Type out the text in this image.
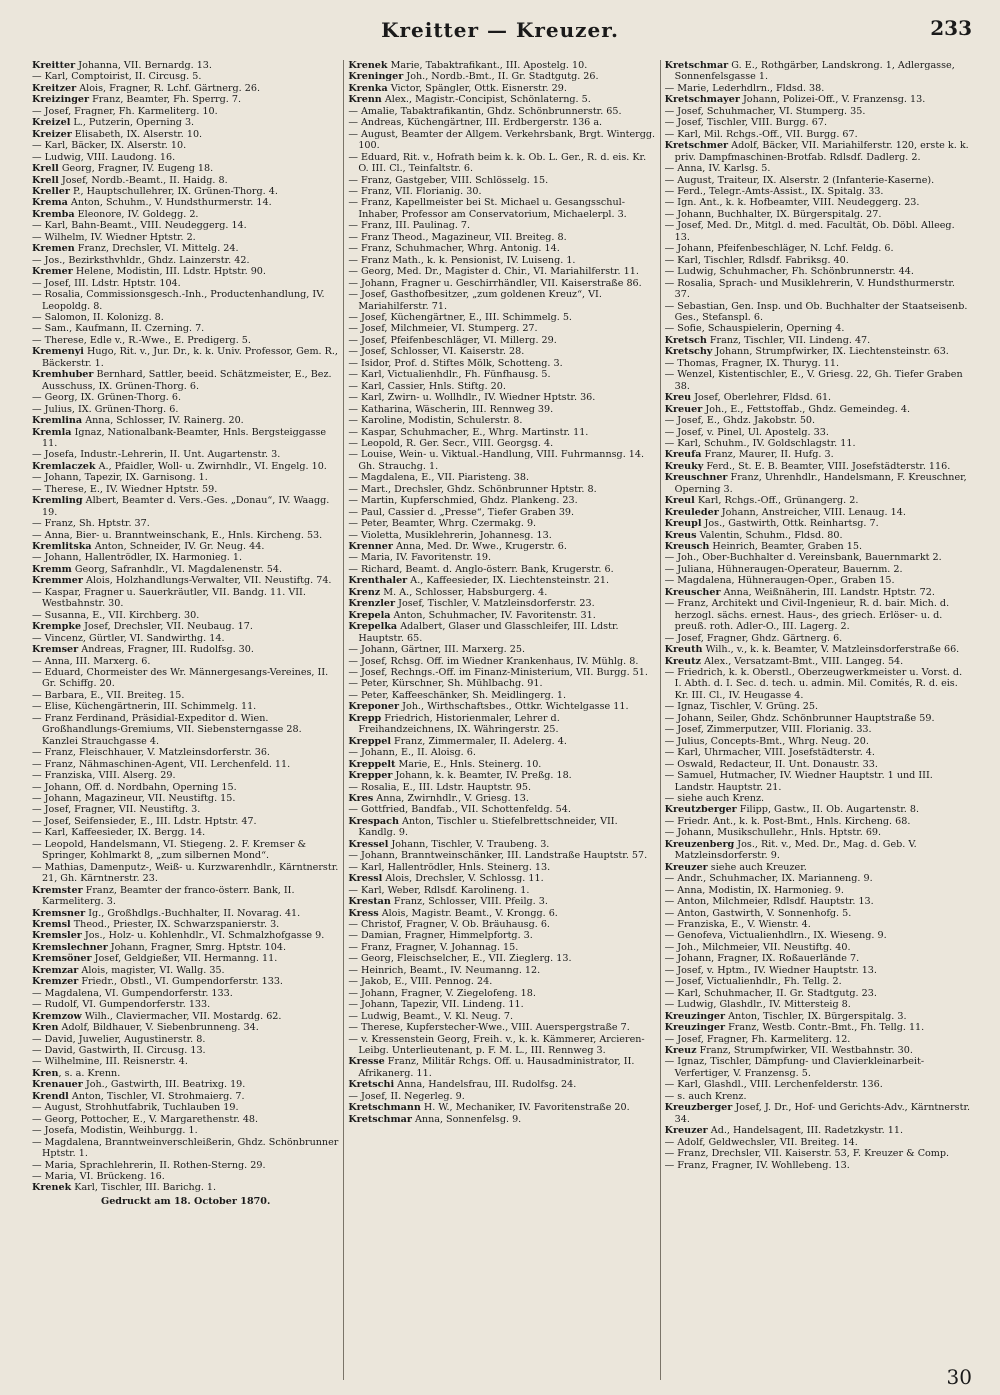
Kreitter — Kreuzer.	233
Kreitter Johanna, VII. Bernardg. 13.
— Karl, Comptoirist, II. Circusg. 5.
Kreitzer Alois, Fragner, R. Lchf. Gärtnerg. 26.
Kreizinger Franz, Beamter, Fh. Sperrg. 7.
— Josef, Fragner, Fh. Karmeliterg. 10.
Kreizel L., Putzerin, Operning 3.
Kreizer Elisabeth, IX. Alserstr. 10.
— Karl, Bäcker, IX. Alserstr. 10.
— Ludwig, VIII. Laudong. 16.
Krell Georg, Fragner, IV. Eugeng 18.
Krell Josef, Nordb.-Beamt., II. Haidg. 8.
Kreller P., Hauptschullehrer, IX. Grünen-Thorg. 4.
Krema Anton, Schuhm., V. Hundsthurmerstr. 14.
Kremba Eleonore, IV. Goldegg. 2.
— Karl, Bahn-Beamt., VIII. Neudeggerg. 14.
— Wilhelm, IV. Wiedner Hptstr. 2.
Kremen Franz, Drechsler, VI. Mittelg. 24.
— Jos., Bezirksthvhldr., Ghdz. Lainzerstr. 42.
Kremer Helene, Modistin, III. Ldstr. Hptstr. 90.
— Josef, III. Ldstr. Hptstr. 104.
— Rosalia, Commissionsgesch.-Inh., Productenhandlung, IV. Leopoldg. 8.
— Salomon, II. Kolonizg. 8.
— Sam., Kaufmann, II. Czerning. 7.
— Therese, Edle v., R.-Wwe., E. Predigerg. 5.
Kremenyi Hugo, Rit. v., Jur. Dr., k. k. Univ. Professor, Gem. R., Bäckerstr. 1.
Kremhuber Bernhard, Sattler, beeid. Schätzmeister, E., Bez. Ausschuss, IX. Grünen-Thorg. 6.
— Georg, IX. Grünen-Thorg. 6.
— Julius, IX. Grünen-Thorg. 6.
Kremlina Anna, Schlosser, IV. Rainerg. 20.
Kremla Ignaz, Nationalbank-Beamter, Hnls. Bergsteiggasse 11.
— Josefa, Industr.-Lehrerin, II. Unt. Augartenstr. 3.
Kremlaczek A., Pfaidler, Woll- u. Zwirnhdlr., VI. Engelg. 10.
— Johann, Tapezir, IX. Garnisong. 1.
— Therese, E., IV. Wiedner Hptstr. 59.
Kremling Albert, Beamter d. Vers.-Ges. „Donau“, IV. Waagg. 19.
— Franz, Sh. Hptstr. 37.
— Anna, Bier- u. Branntweinschank, E., Hnls. Kircheng. 53.
Kremlitska Anton, Schneider, IV. Gr. Neug. 44.
— Johann, Hallentrödler, IX. Harmonieg. 1.
Kremm Georg, Safranhdlr., VI. Magdalenenstr. 54.
Kremmer Alois, Holzhandlungs-Verwalter, VII. Neustiftg. 74.
— Kaspar, Fragner u. Sauerkräutler, VII. Bandg. 11. VII. Westbahnstr. 30.
— Susanna, E., VII. Kirchberg. 30.
Krempke Josef, Drechsler, VII. Neubaug. 17.
— Vincenz, Gürtler, VI. Sandwirthg. 14.
Kremser Andreas, Fragner, III. Rudolfsg. 30.
— Anna, III. Marxerg. 6.
— Eduard, Chormeister des Wr. Männergesangs-Vereines, II. Gr. Schiffg. 20.
— Barbara, E., VII. Breiteg. 15.
— Elise, Küchengärtnerin, III. Schimmelg. 11.
— Franz Ferdinand, Präsidial-Expeditor d. Wien. Großhandlungs-Gremiums, VII. Siebensterngasse 28. Kanzlei Strauchgasse 4.
— Franz, Fleischhauer, V. Matzleinsdorferstr. 36.
— Franz, Nähmaschinen-Agent, VII. Lerchenfeld. 11.
— Franziska, VIII. Alserg. 29.
— Johann, Off. d. Nordbahn, Operning 15.
— Johann, Magazineur, VII. Neustiftg. 15.
— Josef, Fragner, VII. Neustiftg. 3.
— Josef, Seifensieder, E., III. Ldstr. Hptstr. 47.
— Karl, Kaffeesieder, IX. Bergg. 14.
— Leopold, Handelsmann, VI. Stiegeng. 2. F. Kremser & Springer, Kohlmarkt 8, „zum silbernen Mond“.
— Mathias, Damenputz-, Weiß- u. Kurzwarenhdlr., Kärntnerstr. 21, Gh. Kärntnerstr. 23.
Kremster Franz, Beamter der franco-österr. Bank, II. Karmeliterg. 3.
Kremsner Ig., Großhdlgs.-Buchhalter, II. Novarag. 41.
Kremsl Theod., Priester, IX. Schwarzspanierstr. 3.
Kremsler Jos., Holz- u. Kohlenhdlr., VI. Schmalzhofgasse 9.
Kremslechner Johann, Fragner, Smrg. Hptstr. 104.
Kremsöner Josef, Geldgießer, VII. Hermanng. 11.
Kremzar Alois, magister, VI. Wallg. 35.
Kremzer Friedr., Obstl., VI. Gumpendorferstr. 133.
— Magdalena, VI. Gumpendorferstr. 133.
— Rudolf, VI. Gumpendorferstr. 133.
Kremzow Wilh., Claviermacher, VII. Mostardg. 62.
Kren Adolf, Bildhauer, V. Siebenbrunneng. 34.
— David, Juwelier, Augustinerstr. 8.
— David, Gastwirth, II. Circusg. 13.
— Wilhelmine, III. Reisnerstr. 4.
Kren, s. a. Krenn.
Krenauer Joh., Gastwirth, III. Beatrixg. 19.
Krendl Anton, Tischler, VI. Strohmaierg. 7.
— August, Strohhutfabrik, Tuchlauben 19.
— Georg, Pottocher, E., V. Margarethenstr. 48.
— Josefa, Modistin, Weihburgg. 1.
— Magdalena, Branntweinverschleißerin, Ghdz. Schönbrunner Hptstr. 1.
— Maria, Sprachlehrerin, II. Rothen-Sterng. 29.
— Maria, VI. Brückeng. 16.
Krenek Karl, Tischler, III. Barichg. 1.
Gedruckt am 18. October 1870.
Krenek Marie, Tabaktrafikant., III. Apostelg. 10.
Kreninger Joh., Nordb.-Bmt., II. Gr. Stadtgutg. 26.
Krenka Victor, Spängler, Ottk. Eisnerstr. 29.
Krenn Alex., Magistr.-Concipist, Schönlaterng. 5.
— Amalie, Tabaktrafikantin, Ghdz. Schönbrunnerstr. 65.
— Andreas, Küchengärtner, III. Erdbergerstr. 136 a.
— August, Beamter der Allgem. Verkehrsbank, Brgt. Wintergg. 100.
— Eduard, Rit. v., Hofrath beim k. k. Ob. L. Ger., R. d. eis. Kr. O. III. Cl., Teinfaltstr. 6.
— Franz, Gastgeber, VIII. Schlösselg. 15.
— Franz, VII. Florianig. 30.
— Franz, Kapellmeister bei St. Michael u. Gesangsschul-Inhaber, Professor am Conservatorium, Michaelerpl. 3.
— Franz, III. Paulinag. 7.
— Franz Theod., Magazineur, VII. Breiteg. 8.
— Franz, Schuhmacher, Whrg. Antonig. 14.
— Franz Math., k. k. Pensionist, IV. Luiseng. 1.
— Georg, Med. Dr., Magister d. Chir., VI. Mariahilferstr. 11.
— Johann, Fragner u. Geschirrhändler, VII. Kaiserstraße 86.
— Josef, Gasthofbesitzer, „zum goldenen Kreuz“, VI. Mariahilferstr. 71.
— Josef, Küchengärtner, E., III. Schimmelg. 5.
— Josef, Milchmeier, VI. Stumperg. 27.
— Josef, Pfeifenbeschläger, VI. Millerg. 29.
— Josef, Schlosser, VI. Kaiserstr. 28.
— Isidor, Prof. d. Stiftes Mölk, Schotteng. 3.
— Karl, Victualienhdlr., Fh. Fünfhausg. 5.
— Karl, Cassier, Hnls. Stiftg. 20.
— Karl, Zwirn- u. Wollhdlr., IV. Wiedner Hptstr. 36.
— Katharina, Wäscherin, III. Rennweg 39.
— Karoline, Modistin, Schulerstr. 8.
— Kaspar, Schuhmacher, E., Whrg. Martinstr. 11.
— Leopold, R. Ger. Secr., VIII. Georgsg. 4.
— Louise, Wein- u. Viktual.-Handlung, VIII. Fuhrmannsg. 14. Gh. Strauchg. 1.
— Magdalena, E., VII. Piaristeng. 38.
— Mart., Drechsler, Ghdz. Schönbrunner Hptstr. 8.
— Martin, Kupferschmied, Ghdz. Plankeng. 23.
— Paul, Cassier d. „Presse“, Tiefer Graben 39.
— Peter, Beamter, Whrg. Czermakg. 9.
— Violetta, Musiklehrerin, Johannesg. 13.
Krenner Anna, Med. Dr. Wwe., Krugerstr. 6.
— Maria, IV. Favoritenstr. 19.
— Richard, Beamt. d. Anglo-österr. Bank, Krugerstr. 6.
Krenthaler A., Kaffeesieder, IX. Liechtensteinstr. 21.
Krenz M. A., Schlosser, Habsburgerg. 4.
Krenzler Josef, Tischler, V. Matzleinsdorferstr. 23.
Krepela Anton, Schuhmacher, IV. Favoritenstr. 31.
Krepelka Adalbert, Glaser und Glasschleifer, III. Ldstr. Hauptstr. 65.
— Johann, Gärtner, III. Marxerg. 25.
— Josef, Rchsg. Off. im Wiedner Krankenhaus, IV. Mühlg. 8.
— Josef, Rechngs.-Off. im Finanz-Ministerium, VII. Burgg. 51.
— Peter, Kürschner, Sh. Mühlbachg. 91.
— Peter, Kaffeeschänker, Sh. Meidlingerg. 1.
Kreponer Joh., Wirthschaftsbes., Ottkr. Wichtelgasse 11.
Krepp Friedrich, Historienmaler, Lehrer d. Freihandzeichnens, IX. Währingerstr. 25.
Kreppel Franz, Zimmermaler, II. Adelerg. 4.
— Johann, E., II. Aloisg. 6.
Kreppelt Marie, E., Hnls. Steinerg. 10.
Krepper Johann, k. k. Beamter, IV. Preßg. 18.
— Rosalia, E., III. Ldstr. Hauptstr. 95.
Kres Anna, Zwirnhdlr., V. Griesg. 13.
— Gottfried, Bandfab., VII. Schottenfeldg. 54.
Krespach Anton, Tischler u. Stiefelbrettschneider, VII. Kandlg. 9.
Kressel Johann, Tischler, V. Traubeng. 3.
— Johann, Branntweinschänker, III. Landstraße Hauptstr. 57.
— Karl, Hallentrödler, Hnls. Steinerg. 13.
Kressl Alois, Drechsler, V. Schlossg. 11.
— Karl, Weber, Rdlsdf. Karolineng. 1.
Krestan Franz, Schlosser, VIII. Pfeilg. 3.
Kress Alois, Magistr. Beamt., V. Krongg. 6.
— Christof, Fragner, V. Ob. Bräuhausg. 6.
— Damian, Fragner, Himmelpfortg. 3.
— Franz, Fragner, V. Johannag. 15.
— Georg, Fleischselcher, E., VII. Zieglerg. 13.
— Heinrich, Beamt., IV. Neumanng. 12.
— Jakob, E., VIII. Pennog. 24.
— Johann, Fragner, V. Ziegelofeng. 18.
— Johann, Tapezir, VII. Lindeng. 11.
— Ludwig, Beamt., V. Kl. Neug. 7.
— Therese, Kupferstecher-Wwe., VIII. Auerspergstraße 7.
— v. Kressenstein Georg, Freih. v., k. k. Kämmerer, Arcieren-Leibg. Unterlieutenant, p. F. M. L., III. Rennweg 3.
Kresse Franz, Militär Rchgs. Off. u. Hausadministrator, II. Afrikanerg. 11.
Kretschi Anna, Handelsfrau, III. Rudolfsg. 24.
— Josef, II. Negerleg. 9.
Kretschmann H. W., Mechaniker, IV. Favoritenstraße 20.
Kretschmar Anna, Sonnenfelsg. 9.
Kretschmar G. E., Rothgärber, Landskrong. 1, Adlergasse, Sonnenfelsgasse 1.
— Marie, Lederhdlrn., Fldsd. 38.
Kretschmayer Johann, Polizei-Off., V. Franzensg. 13.
— Josef, Schuhmacher, VI. Stumperg. 35.
— Josef, Tischler, VIII. Burgg. 67.
— Karl, Mil. Rchgs.-Off., VII. Burgg. 67.
Kretschmer Adolf, Bäcker, VII. Mariahilferstr. 120, erste k. k. priv. Dampfmaschinen-Brotfab. Rdlsdf. Dadlerg. 2.
— Anna, IV. Karlsg. 5.
— August, Traiteur, IX. Alserstr. 2 (Infanterie-Kaserne).
— Ferd., Telegr.-Amts-Assist., IX. Spitalg. 33.
— Ign. Ant., k. k. Hofbeamter, VIII. Neudeggerg. 23.
— Johann, Buchhalter, IX. Bürgerspitalg. 27.
— Josef, Med. Dr., Mitgl. d. med. Facultät, Ob. Döbl. Alleeg. 13.
— Johann, Pfeifenbeschläger, N. Lchf. Feldg. 6.
— Karl, Tischler, Rdlsdf. Fabriksg. 40.
— Ludwig, Schuhmacher, Fh. Schönbrunnerstr. 44.
— Rosalia, Sprach- und Musiklehrerin, V. Hundsthurmerstr. 37.
— Sebastian, Gen. Insp. und Ob. Buchhalter der Staatseisenb. Ges., Stefanspl. 6.
— Sofie, Schauspielerin, Operning 4.
Kretsch Franz, Tischler, VII. Lindeng. 47.
Kretschy Johann, Strumpfwirker, IX. Liechtensteinstr. 63.
— Thomas, Fragner, IX. Thuryg. 11.
— Wenzel, Kistentischler, E., V. Griesg. 22, Gh. Tiefer Graben 38.
Kreu Josef, Oberlehrer, Fldsd. 61.
Kreuer Joh., E., Fettstoffab., Ghdz. Gemeindeg. 4.
— Josef, E., Ghdz. Jakobstr. 50.
— Josef, v. Pinel, Ul. Apostelg. 33.
— Karl, Schuhm., IV. Goldschlagstr. 11.
Kreufa Franz, Maurer, II. Hufg. 3.
Kreuky Ferd., St. E. B. Beamter, VIII. Josefstädterstr. 116.
Kreuschner Franz, Uhrenhdlr., Handelsmann, F. Kreuschner, Operning 3.
Kreul Karl, Rchgs.-Off., Grünangerg. 2.
Kreuleder Johann, Anstreicher, VIII. Lenaug. 14.
Kreupl Jos., Gastwirth, Ottk. Reinhartsg. 7.
Kreus Valentin, Schuhm., Fldsd. 80.
Kreusch Heinrich, Beamter, Graben 15.
— Joh., Ober-Buchhalter d. Vereinsbank, Bauernmarkt 2.
— Juliana, Hühneraugen-Operateur, Bauernm. 2.
— Magdalena, Hühneraugen-Oper., Graben 15.
Kreuscher Anna, Weißnäherin, III. Landstr. Hptstr. 72.
— Franz, Architekt und Civil-Ingenieur, R. d. bair. Mich. d. herzogl. sächs. ernest. Haus-, des griech. Erlöser- u. d. preuß. roth. Adler-O., III. Lagerg. 2.
— Josef, Fragner, Ghdz. Gärtnerg. 6.
Kreuth Wilh., v., k. k. Beamter, V. Matzleinsdorferstraße 66.
Kreutz Alex., Versatzamt-Bmt., VIII. Langeg. 54.
— Friedrich, k. k. Oberstl., Oberzeugwerkmeister u. Vorst. d. I. Abth. d. I. Sec. d. tech. u. admin. Mil. Comités, R. d. eis. Kr. III. Cl., IV. Heugasse 4.
— Ignaz, Tischler, V. Grüng. 25.
— Johann, Seiler, Ghdz. Schönbrunner Hauptstraße 59.
— Josef, Zimmerputzer, VIII. Florianig. 33.
— Julius, Concepts-Bmt., Whrg. Neug. 20.
— Karl, Uhrmacher, VIII. Josefstädterstr. 4.
— Oswald, Redacteur, II. Unt. Donaustr. 33.
— Samuel, Hutmacher, IV. Wiedner Hauptstr. 1 und III. Landstr. Hauptstr. 21.
— siehe auch Krenz.
Kreutzberger Filipp, Gastw., II. Ob. Augartenstr. 8.
— Friedr. Ant., k. k. Post-Bmt., Hnls. Kircheng. 68.
— Johann, Musikschullehr., Hnls. Hptstr. 69.
Kreuzenberg Jos., Rit. v., Med. Dr., Mag. d. Geb. V. Matzleinsdorferstr. 9.
Kreuzer siehe auch Kreuzer.
— Andr., Schuhmacher, IX. Marianneng. 9.
— Anna, Modistin, IX. Harmonieg. 9.
— Anton, Milchmeier, Rdlsdf. Hauptstr. 13.
— Anton, Gastwirth, V. Sonnenhofg. 5.
— Franziska, E., V. Wienstr. 4.
— Genofeva, Victualienhdlrn., IX. Wieseng. 9.
— Joh., Milchmeier, VII. Neustiftg. 40.
— Johann, Fragner, IX. Roßauerlände 7.
— Josef, v. Hptm., IV. Wiedner Hauptstr. 13.
— Josef, Victualienhdlr., Fh. Tellg. 2.
— Karl, Schuhmacher, II. Gr. Stadtgutg. 23.
— Ludwig, Glashdlr., IV. Mittersteig 8.
Kreuzinger Anton, Tischler, IX. Bürgerspitalg. 3.
Kreuzinger Franz, Westb. Contr.-Bmt., Fh. Tellg. 11.
— Josef, Fragner, Fh. Karmeliterg. 12.
Kreuz Franz, Strumpfwirker, VII. Westbahnstr. 30.
— Ignaz, Tischler, Dämpfung- und Clavierkleinarbeit-Verfertiger, V. Franzensg. 5.
— Karl, Glashdl., VIII. Lerchenfelderstr. 136.
— s. auch Krenz.
Kreuzberger Josef, J. Dr., Hof- und Gerichts-Adv., Kärntnerstr. 34.
Kreuzer Ad., Handelsagent, III. Radetzkystr. 11.
— Adolf, Geldwechsler, VII. Breiteg. 14.
— Franz, Drechsler, VII. Kaiserstr. 53, F. Kreuzer & Comp.
— Franz, Fragner, IV. Wohllebeng. 13.
30
